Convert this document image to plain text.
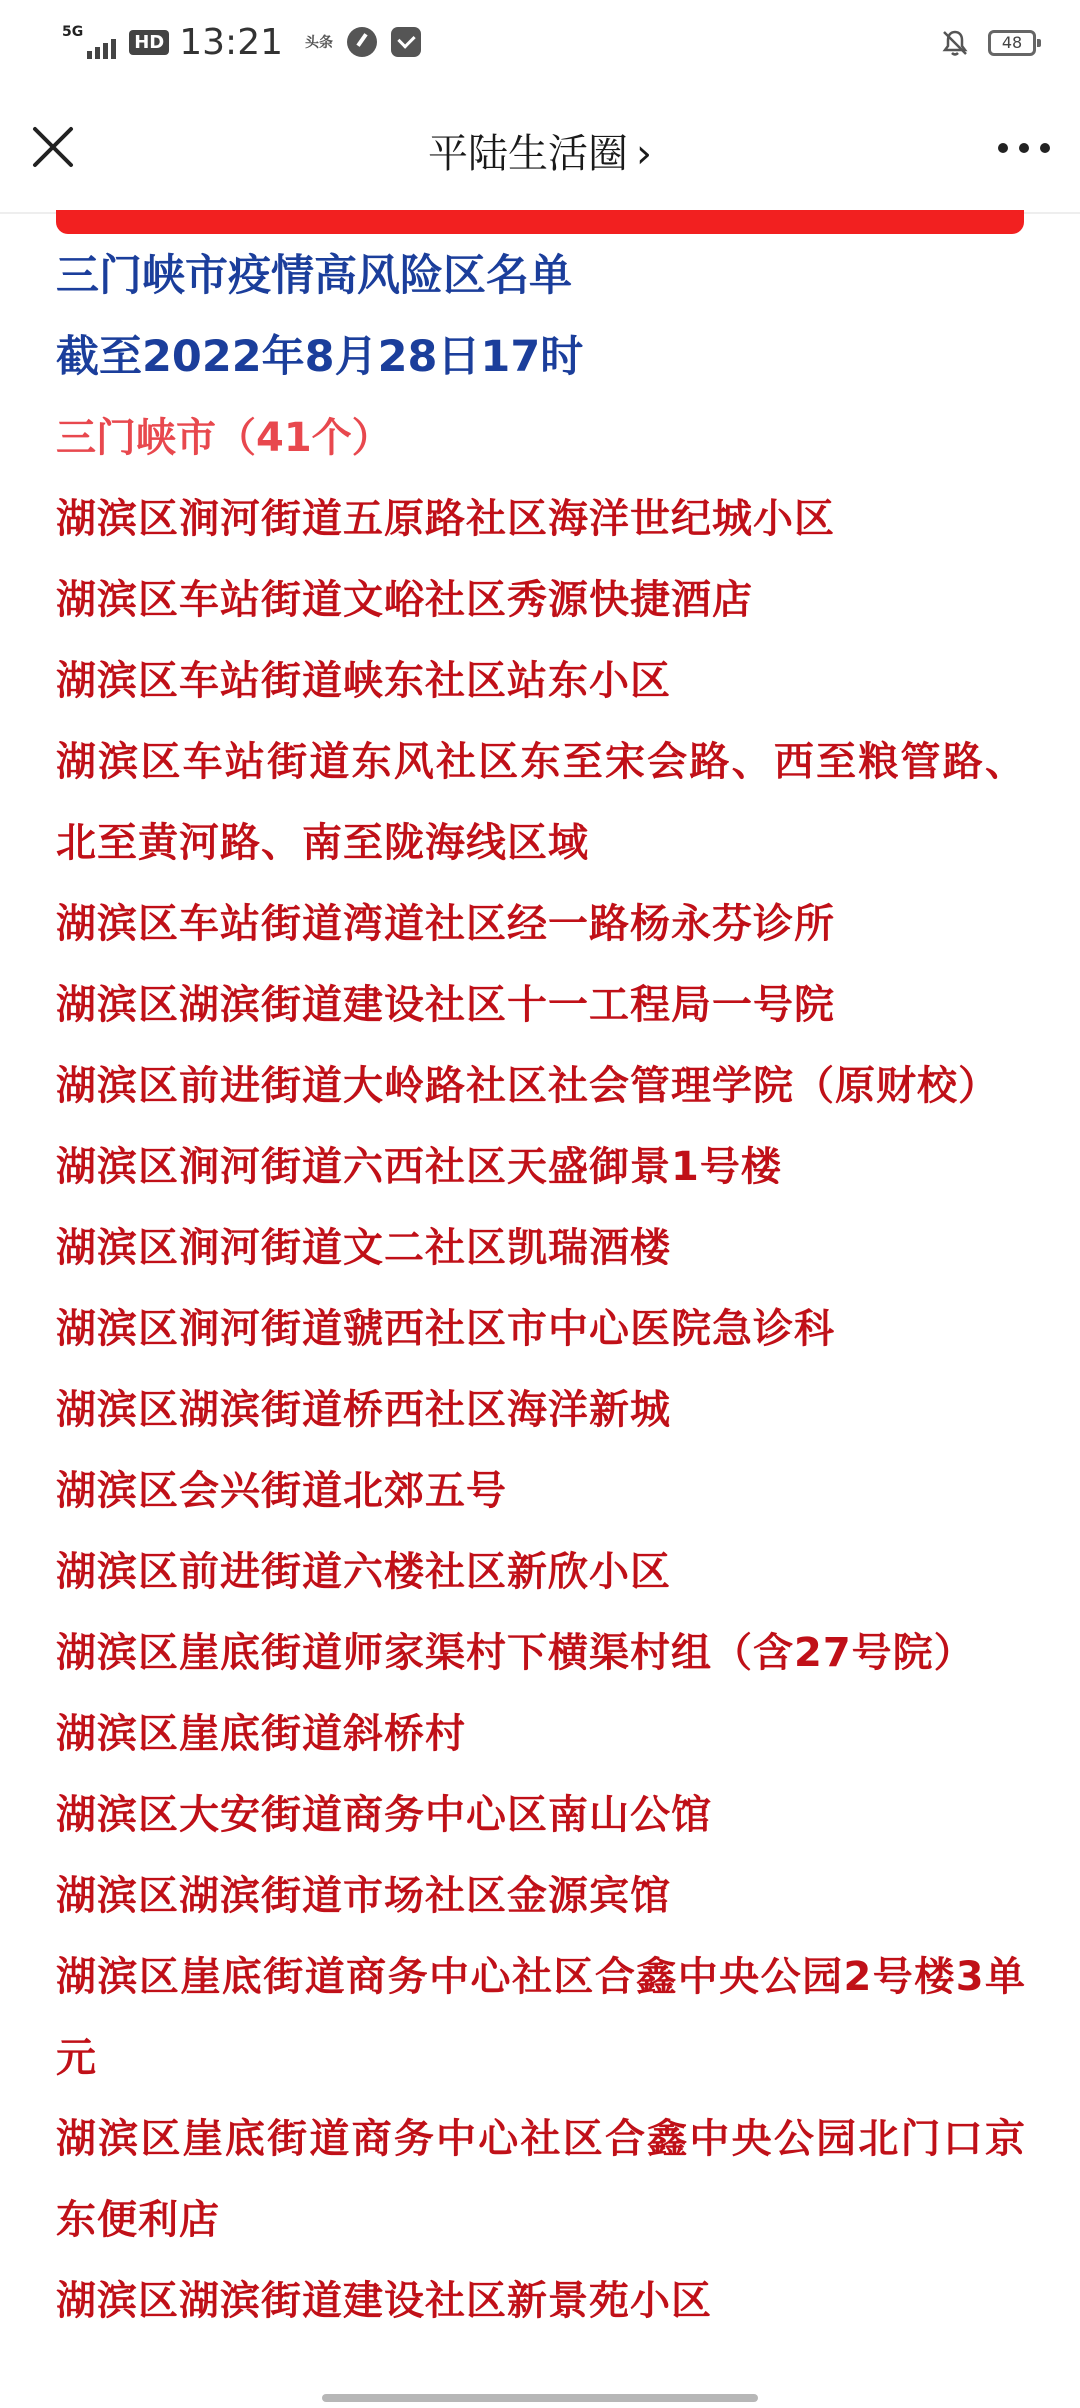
5G	HD 13:21 头条	48
平陆生活圈 ›

三门峡市疫情高风险区名单

截至2022年8月28日17时

三门峡市（41个）

湖滨区涧河街道五原路社区海洋世纪城小区

湖滨区车站街道文峪社区秀源快捷酒店

湖滨区车站街道峡东社区站东小区

湖滨区车站街道东风社区东至宋会路、西至粮管路、北至黄河路、南至陇海线区域

湖滨区车站街道湾道社区经一路杨永芬诊所

湖滨区湖滨街道建设社区十一工程局一号院

湖滨区前进街道大岭路社区社会管理学院（原财校）

湖滨区涧河街道六西社区天盛御景1号楼

湖滨区涧河街道文二社区凯瑞酒楼

湖滨区涧河街道虢西社区市中心医院急诊科

湖滨区湖滨街道桥西社区海洋新城

湖滨区会兴街道北郊五号

湖滨区前进街道六楼社区新欣小区

湖滨区崖底街道师家渠村下横渠村组（含27号院）

湖滨区崖底街道斜桥村

湖滨区大安街道商务中心区南山公馆

湖滨区湖滨街道市场社区金源宾馆

湖滨区崖底街道商务中心社区合鑫中央公园2号楼3单元

湖滨区崖底街道商务中心社区合鑫中央公园北门口京东便利店

湖滨区湖滨街道建设社区新景苑小区
